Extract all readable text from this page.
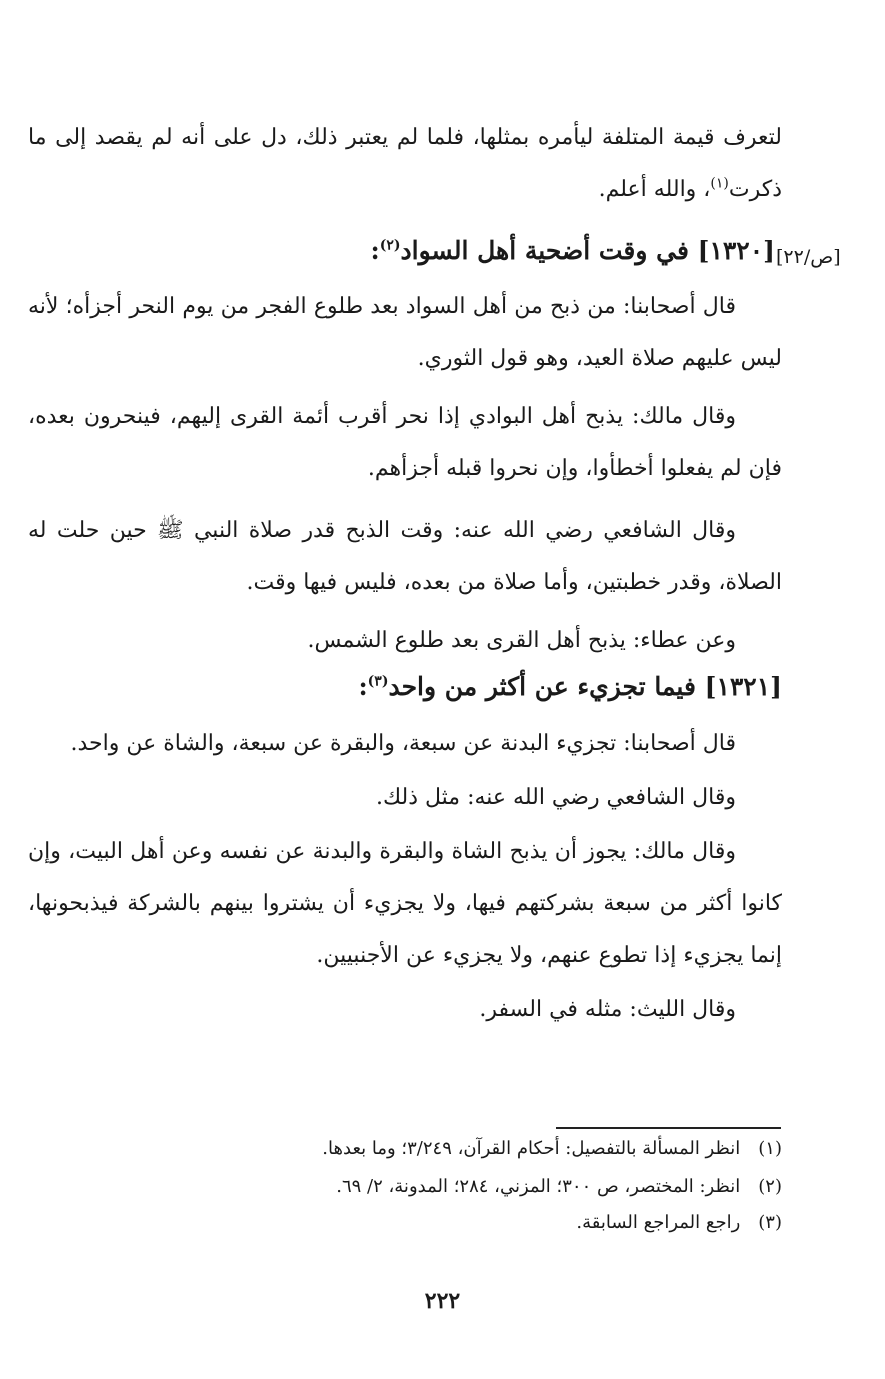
لتعرف قيمة المتلفة ليأمره بمثلها، فلما لم يعتبر ذلك، دل على أنه لم يقصد إلى ما ذكرت$^{(١)}$، والله أعلم.

[ص/٢٢]
[١٣٢٠] في وقت أضحية أهل السواد$^{(٢)}$:

قال أصحابنا: من ذبح من أهل السواد بعد طلوع الفجر من يوم النحر أجزأه؛ لأنه ليس عليهم صلاة العيد، وهو قول الثوري.

وقال مالك: يذبح أهل البوادي إذا نحر أقرب أئمة القرى إليهم، فينحرون بعده، فإن لم يفعلوا أخطأوا، وإن نحروا قبله أجزأهم.

وقال الشافعي رضي الله عنه: وقت الذبح قدر صلاة النبي ﷺ حين حلت له الصلاة، وقدر خطبتين، وأما صلاة من بعده، فليس فيها وقت.

وعن عطاء: يذبح أهل القرى بعد طلوع الشمس.

[١٣٢١] فيما تجزيء عن أكثر من واحد$^{(٣)}$:

قال أصحابنا: تجزيء البدنة عن سبعة، والبقرة عن سبعة، والشاة عن واحد.

وقال الشافعي رضي الله عنه: مثل ذلك.

وقال مالك: يجوز أن يذبح الشاة والبقرة والبدنة عن نفسه وعن أهل البيت، وإن كانوا أكثر من سبعة بشركتهم فيها، ولا يجزيء أن يشتروا بينهم بالشركة فيذبحونها، إنما يجزيء إذا تطوع عنهم، ولا يجزيء عن الأجنبيين.

وقال الليث: مثله في السفر.

(١)انظر المسألة بالتفصيل: أحكام القرآن، ٣/٢٤٩؛ وما بعدها.
(٢)انظر: المختصر، ص ٣٠٠؛ المزني، ٢٨٤؛ المدونة، ٢/ ٦٩.
(٣)راجع المراجع السابقة.
٢٢٢
